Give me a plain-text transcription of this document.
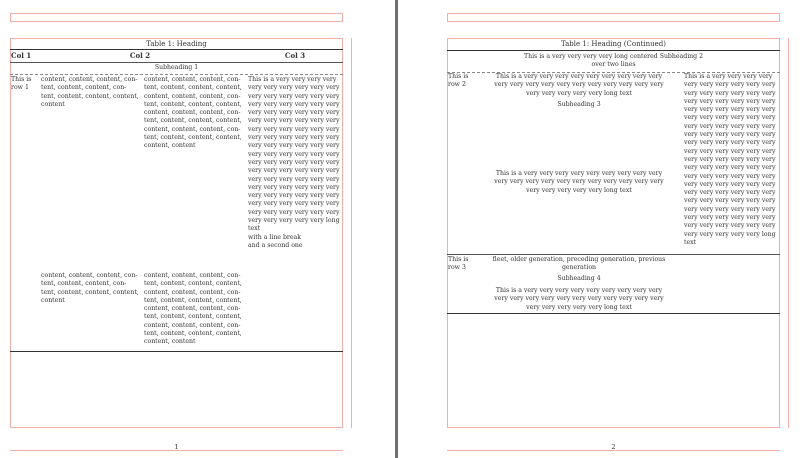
Table 1: Heading
Col 1	Col 2	Col 3
Subheading 1
This is
row 1
content, content, content, con-
tent, content, content, con-
tent, content, content, content,
content
content, content, content, con-
tent, content, content, content,
content, content, content, con-
tent, content, content, content,
content, content, content, con-
tent, content, content, content,
content, content, content, con-
tent, content, content, content,
content, content
This is a very very very very
very very very very very very
very very very very very very
very very very very very very
very very very very very very
very very very very very very
very very very very very very
very very very very very very
very very very very very very
very very very very very very
very very very very very very
very very very very very very
very very very very very very
very very very very very very
very very very very very very
very very very very very very
very very very very very very
very very very very very long
text
with a line break
and a second one
content, content, content, con-
tent, content, content, con-
tent, content, content, content,
content
content, content, content, con-
tent, content, content, content,
content, content, content, con-
tent, content, content, content,
content, content, content, con-
tent, content, content, content,
content, content, content, con-
tent, content, content, content,
content, content
1
Table 1: Heading (Continued)
This is a very very very very long centered Subheading 2
over two lines
This is
row 2
This is a very very very very very very very very very
very very very very very very very very very very very
very very very very very long text
Subheading 3
This is a very very very very very very very very very
very very very very very very very very very very very
very very very very very long text
This is a very very very very
very very very very very very
very very very very very very
very very very very very very
very very very very very very
very very very very very very
very very very very very very
very very very very very very
very very very very very very
very very very very very very
very very very very very very
very very very very very very
very very very very very very
very very very very very very
very very very very very very
very very very very very very
very very very very very very
very very very very very very
very very very very very very
very very very very very long
text
This is
row 3
fleet, older generation, preceding generation, previous
generation
Subheading 4
This is a very very very very very very very very very
very very very very very very very very very very very
very very very very very long text
2
